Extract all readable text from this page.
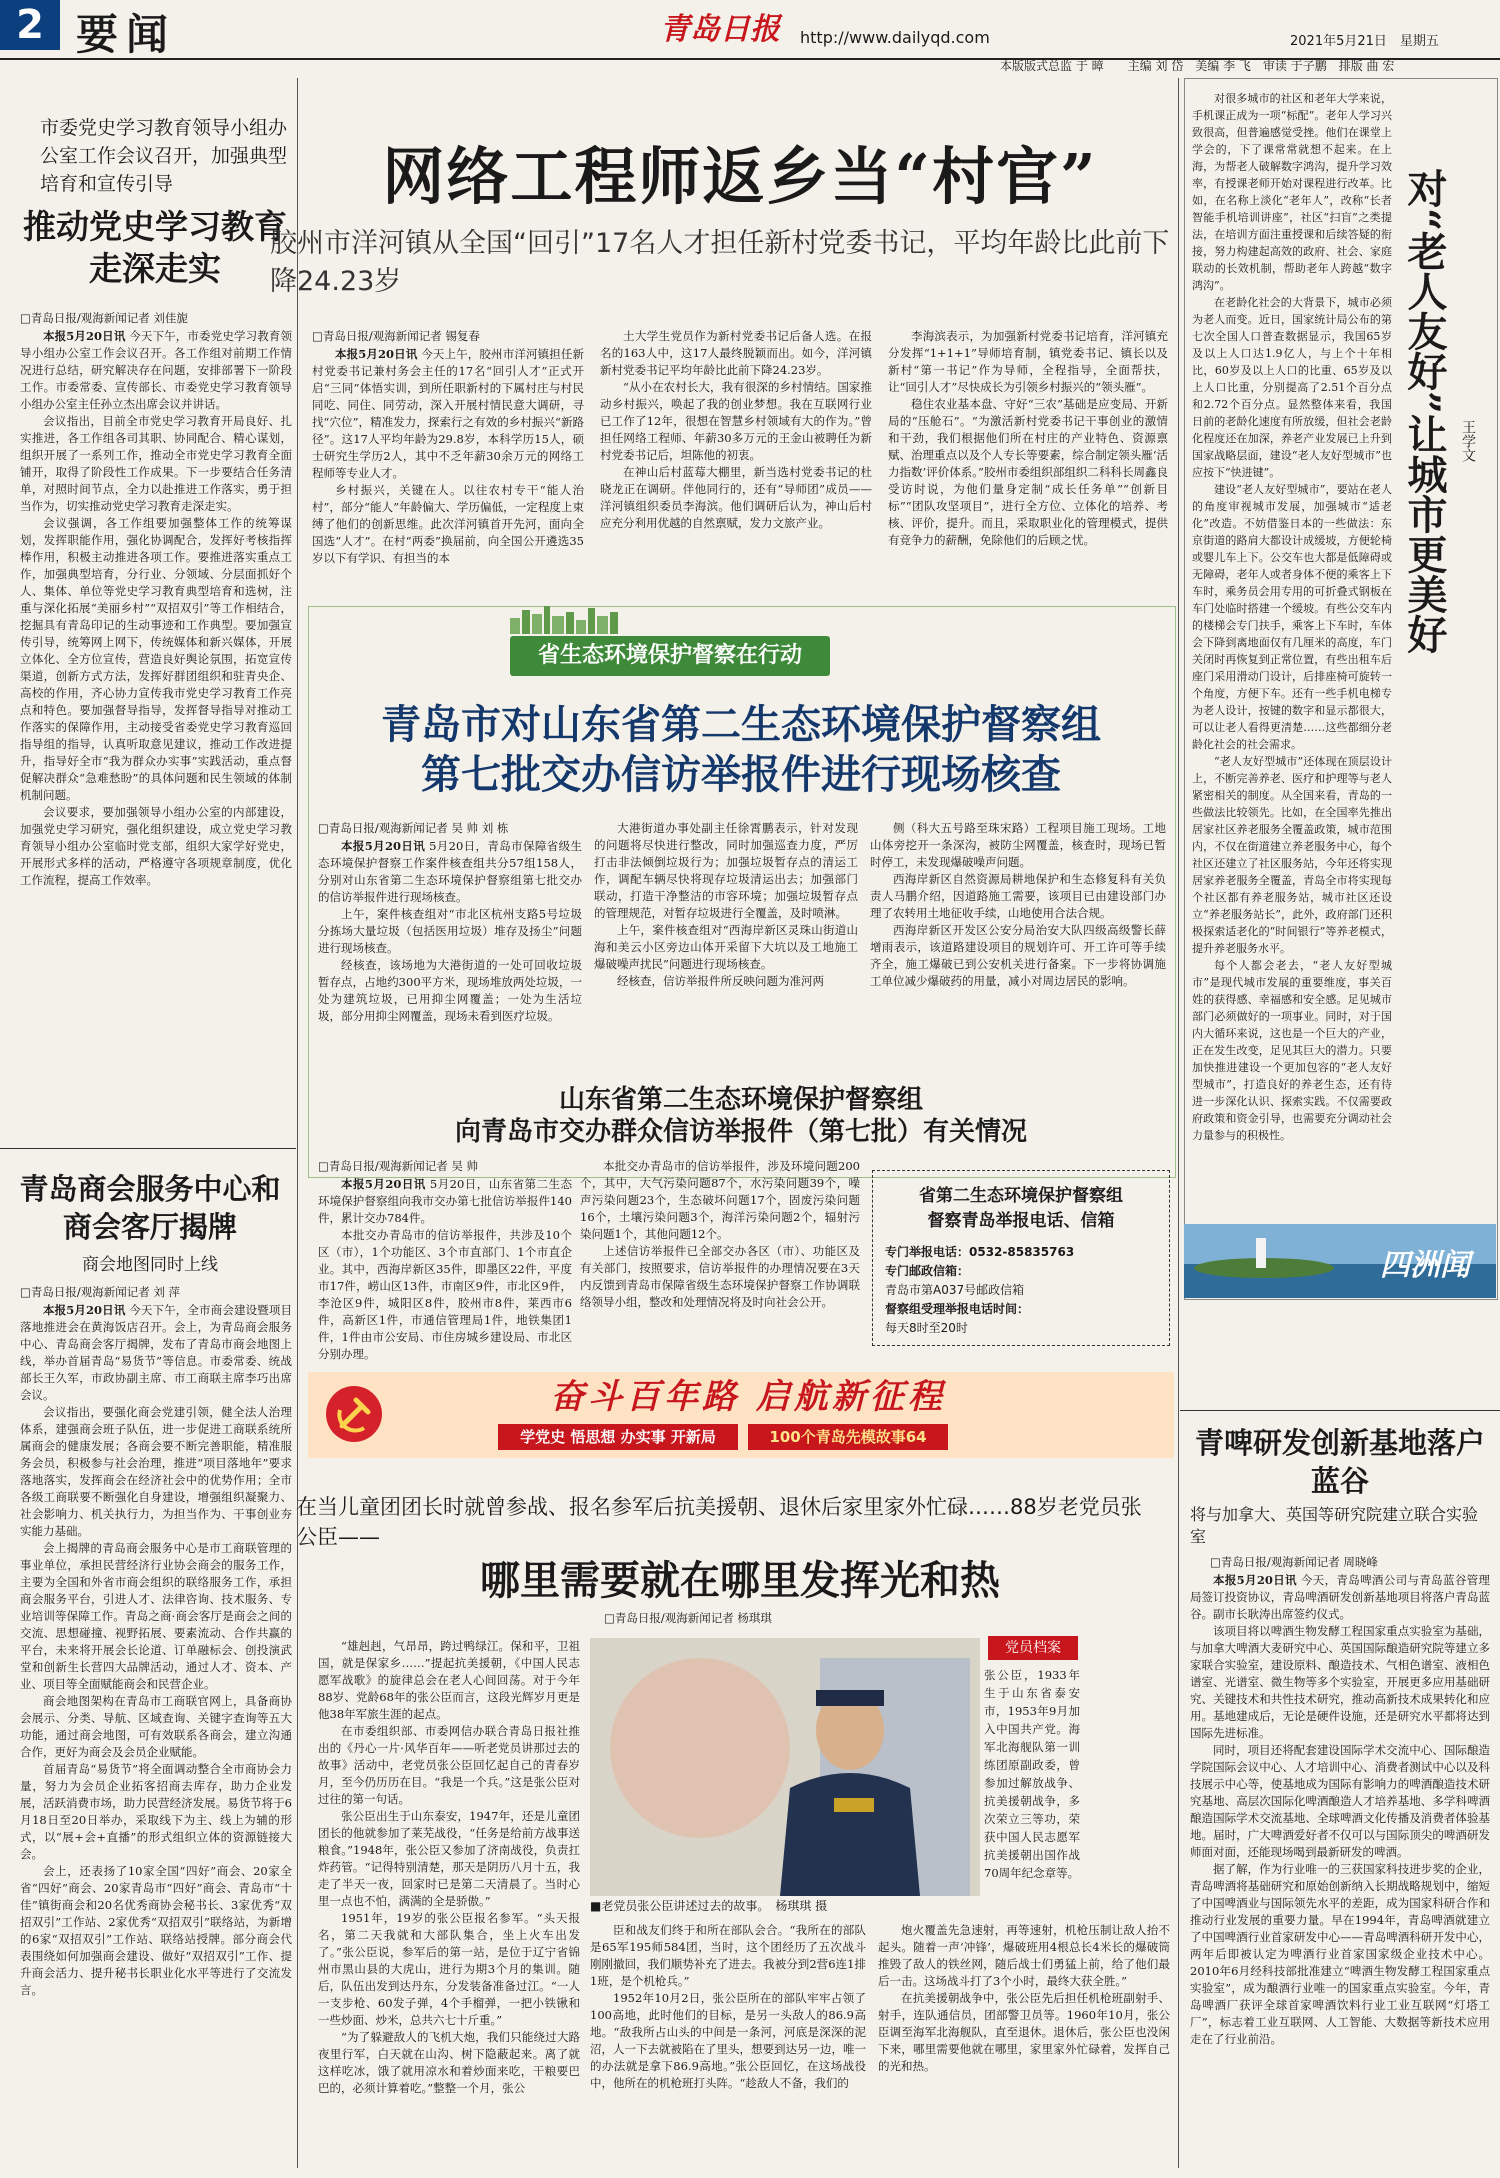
2 要闻	青岛日报 http://www.dailyqd.com	2021年5月21日　星期五
本版版式总监 于 暲　　主编 刘 岱　美编 李 飞　审读 于子鹏　排版 曲 宏
市委党史学习教育领导小组办公室工作会议召开，加强典型培育和宣传引导
推动党史学习教育走深走实
□青岛日报/观海新闻记者 刘佳旎

本报5月20日讯 今天下午，市委党史学习教育领导小组办公室工作会议召开。各工作组对前期工作情况进行总结，研究解决存在问题，安排部署下一阶段工作。市委常委、宣传部长、市委党史学习教育领导小组办公室主任孙立杰出席会议并讲话。

会议指出，目前全市党史学习教育开局良好、扎实推进，各工作组各司其职、协同配合、精心谋划，组织开展了一系列工作，推动全市党史学习教育全面铺开，取得了阶段性工作成果。下一步要结合任务清单，对照时间节点，全力以赴推进工作落实，勇于担当作为，切实推动党史学习教育走深走实。

会议强调，各工作组要加强整体工作的统筹谋划，发挥职能作用，强化协调配合，发挥好考核指挥棒作用，积极主动推进各项工作。要推进落实重点工作，加强典型培育，分行业、分领域、分层面抓好个人、集体、单位等党史学习教育典型培育和选树，注重与深化拓展“美丽乡村”“双招双引”等工作相结合，挖掘具有青岛印记的生动事迹和工作典型。要加强宣传引导，统筹网上网下，传统媒体和新兴媒体，开展立体化、全方位宣传，营造良好舆论氛围，拓宽宣传渠道，创新方式方法，发挥好群团组织和驻青央企、高校的作用，齐心协力宣传我市党史学习教育工作亮点和特色。要加强督导指导，发挥督导指导对推动工作落实的保障作用，主动接受省委党史学习教育巡回指导组的指导，认真听取意见建议，推动工作改进提升，指导好全市“我为群众办实事”实践活动，重点督促解决群众“急难愁盼”的具体问题和民生领域的体制机制问题。

会议要求，要加强领导小组办公室的内部建设，加强党史学习研究，强化组织建设，成立党史学习教育领导小组办公室临时党支部，组织大家学好党史，开展形式多样的活动，严格遵守各项规章制度，优化工作流程，提高工作效率。

青岛商会服务中心和商会客厅揭牌
商会地图同时上线
□青岛日报/观海新闻记者 刘 萍

本报5月20日讯 今天下午，全市商会建设暨项目落地推进会在黄海饭店召开。会上，为青岛商会服务中心、青岛商会客厅揭牌，发布了青岛市商会地图上线，举办首届青岛“易货节”等信息。市委常委、统战部长王久军，市政协副主席、市工商联主席李巧出席会议。

会议指出，要强化商会党建引领，健全法人治理体系，建强商会班子队伍，进一步促进工商联系统所属商会的健康发展；各商会要不断完善职能，精准服务会员，积极参与社会治理，推进“项目落地年”要求落地落实，发挥商会在经济社会中的优势作用；全市各级工商联要不断强化自身建设，增强组织凝聚力、社会影响力、机关执行力，为担当作为、干事创业夯实能力基础。

会上揭牌的青岛商会服务中心是市工商联管理的事业单位，承担民营经济行业协会商会的服务工作，主要为全国和外省市商会组织的联络服务工作，承担商会服务平台，引进人才、法律咨询、技术服务、专业培训等保障工作。青岛之商·商会客厅是商会之间的交流、思想碰撞、视野拓展、要素流动、合作共赢的平台，未来将开展会长论道、订单融标会、创投演武堂和创新生长营四大品牌活动，通过人才、资本、产业、项目等全面赋能商会和民营企业。

商会地图架构在青岛市工商联官网上，具备商协会展示、分类、导航、区域查询、关键字查询等五大功能，通过商会地图，可有效联系各商会，建立沟通合作，更好为商会及会员企业赋能。

首届青岛“易货节”将全面调动整合全市商协会力量，努力为会员企业拓客招商去库存，助力企业发展，活跃消费市场，助力民营经济发展。易货节将于6月18日至20日举办，采取线下为主、线上为辅的形式，以“展+会+直播”的形式组织立体的资源链接大会。

会上，还表扬了10家全国“四好”商会、20家全省“四好”商会、20家青岛市“四好”商会、青岛市“十佳”镇街商会和20名优秀商协会秘书长、3家优秀“双招双引”工作站、2家优秀“双招双引”联络站，为新增的6家“双招双引”工作站、联络站授牌。部分商会代表围绕如何加强商会建设、做好“双招双引”工作、提升商会活力、提升秘书长职业化水平等进行了交流发言。

网络工程师返乡当“村官”
胶州市洋河镇从全国“回引”17名人才担任新村党委书记，平均年龄比此前下降24.23岁
□青岛日报/观海新闻记者 锡复春

本报5月20日讯 今天上午，胶州市洋河镇担任新村党委书记兼村务会主任的17名“回引人才”正式开启“三同”体悟实训，到所任职新村的下属村庄与村民同吃、同住、同劳动，深入开展村情民意大调研，寻找“穴位”，精准发力，探索行之有效的乡村振兴“新路径”。这17人平均年龄为29.8岁，本科学历15人，硕士研究生学历2人，其中不乏年薪30余万元的网络工程师等专业人才。

乡村振兴，关键在人。以往农村专干“能人治村”，部分“能人”年龄偏大、学历偏低，一定程度上束缚了他们的创新思维。此次洋河镇首开先河，面向全国选“人才”。在村“两委”换届前，向全国公开遴选35岁以下有学识、有担当的本

土大学生党员作为新村党委书记后备人选。在报名的163人中，这17人最终脱颖而出。如今，洋河镇新村党委书记平均年龄比此前下降24.23岁。

“从小在农村长大，我有很深的乡村情结。国家推动乡村振兴，唤起了我的创业梦想。我在互联网行业已工作了12年，很想在智慧乡村领域有大的作为。”曾担任网络工程师、年薪30多万元的王金山被聘任为新村党委书记后，坦陈他的初衷。

在神山后村蓝莓大棚里，新当选村党委书记的杜晓龙正在调研。伴他同行的，还有“导师团”成员——洋河镇组织委员李海滨。他们调研后认为，神山后村应充分利用优越的自然禀赋，发力文旅产业。

李海滨表示，为加强新村党委书记培育，洋河镇充分发挥“1+1+1”导师培育制，镇党委书记、镇长以及新村“第一书记”作为导师，全程指导，全面帮扶，让“回引人才”尽快成长为引领乡村振兴的“领头雁”。

稳住农业基本盘、守好“三农”基础是应变局、开新局的“压舱石”。“为激活新村党委书记干事创业的激情和干劲，我们根据他们所在村庄的产业特色、资源禀赋、治理重点以及个人专长等要素，综合制定领头雁‘活力指数’评价体系。”胶州市委组织部组织二科科长周鑫良受访时说，为他们量身定制“成长任务单”“创新目标”“团队攻坚项目”，进行全方位、立体化的培养、考核、评价，提升。而且，采取职业化的管理模式，提供有竞争力的薪酬，免除他们的后顾之忧。

省生态环境保护督察在行动
青岛市对山东省第二生态环境保护督察组
第七批交办信访举报件进行现场核查
□青岛日报/观海新闻记者 吴 帅 刘 栋

本报5月20日讯 5月20日，青岛市保障省级生态环境保护督察工作案件核查组共分57组158人，分别对山东省第二生态环境保护督察组第七批交办的信访举报件进行现场核查。

上午，案件核查组对“市北区杭州支路5号垃圾分拣场大量垃圾（包括医用垃圾）堆存及扬尘”问题进行现场核查。

经核查，该场地为大港街道的一处可回收垃圾暂存点，占地约300平方米，现场堆放两处垃圾，一处为建筑垃圾，已用抑尘网覆盖；一处为生活垃圾，部分用抑尘网覆盖，现场未看到医疗垃圾。

大港街道办事处副主任徐霄鹏表示，针对发现的问题将尽快进行整改，同时加强巡查力度，严厉打击非法倾倒垃圾行为；加强垃圾暂存点的清运工作，调配车辆尽快将现存垃圾清运出去；加强部门联动，打造干净整洁的市容环境；加强垃圾暂存点的管理规范，对暂存垃圾进行全覆盖，及时喷淋。

上午，案件核查组对“西海岸新区灵珠山街道山海和美云小区旁边山体开采留下大坑以及工地施工爆破噪声扰民”问题进行现场核查。

经核查，信访举报件所反映问题为准河两

侧（科大五号路至珠宋路）工程项目施工现场。工地山体旁挖开一条深沟，被防尘网覆盖，核查时，现场已暂时停工，未发现爆破噪声问题。

西海岸新区自然资源局耕地保护和生态修复科有关负责人马鹏介绍，因道路施工需要，该项目已由建设部门办理了农转用土地征收手续，山地使用合法合规。

西海岸新区开发区公安分局治安大队四级高级警长薛增雨表示，该道路建设项目的规划许可、开工许可等手续齐全，施工爆破已到公安机关进行备案。下一步将协调施工单位减少爆破药的用量，减小对周边居民的影响。

山东省第二生态环境保护督察组
向青岛市交办群众信访举报件（第七批）有关情况
□青岛日报/观海新闻记者 吴 帅

本报5月20日讯 5月20日，山东省第二生态环境保护督察组向我市交办第七批信访举报件140件，累计交办784件。

本批交办青岛市的信访举报件，共涉及10个区（市），1个功能区、3个市直部门、1个市直企业。其中，西海岸新区35件，即墨区22件，平度市17件，崂山区13件，市南区9件，市北区9件，李沧区9件，城阳区8件，胶州市8件，莱西市6件，高新区1件，市通信管理局1件，地铁集团1件，1件由市公安局、市住房城乡建设局、市北区分别办理。

本批交办青岛市的信访举报件，涉及环境问题200个，其中，大气污染问题87个，水污染问题39个，噪声污染问题23个，生态破坏问题17个，固废污染问题16个，土壤污染问题3个，海洋污染问题2个，辐射污染问题1个，其他问题12个。

上述信访举报件已全部交办各区（市）、功能区及有关部门，按照要求，信访举报件的办理情况要在3天内反馈到青岛市保障省级生态环境保护督察工作协调联络领导小组，整改和处理情况将及时向社会公开。

省第二生态环境保护督察组
督察青岛举报电话、信箱
专门举报电话：0532-85835763
专门邮政信箱：
青岛市第A037号邮政信箱
督察组受理举报电话时间：
每天8时至20时
奋斗百年路 启航新征程
学党史 悟思想 办实事 开新局	100个青岛先模故事64
在当儿童团团长时就曾参战、报名参军后抗美援朝、退休后家里家外忙碌……88岁老党员张公臣——
哪里需要就在哪里发挥光和热
□青岛日报/观海新闻记者 杨琪琪

“雄赳赳，气昂昂，跨过鸭绿江。保和平，卫祖国，就是保家乡……”提起抗美援朝，《中国人民志愿军战歌》的旋律总会在老人心间回荡。对于今年88岁、党龄68年的张公臣而言，这段光辉岁月更是他38年军旅生涯的起点。

在市委组织部、市委网信办联合青岛日报社推出的《丹心一片·风华百年——听老党员讲那过去的故事》活动中，老党员张公臣回忆起自己的青春岁月，至今仍历历在目。“我是一个兵。”这是张公臣对过往的第一句话。

张公臣出生于山东泰安，1947年，还是儿童团团长的他就参加了莱芜战役，“任务是给前方战事送粮食。”1948年，张公臣又参加了济南战役，负责扛炸药管。“记得特别清楚，那天是阴历八月十五，我走了半天一夜，回家时已是第二天清晨了。当时心里一点也不怕，满满的全是骄傲。”

1951年，19岁的张公臣报名参军。“头天报名，第二天我就和大部队集合，坐上火车出发了。”张公臣说，参军后的第一站，是位于辽宁省锦州市黑山县的大虎山，进行为期3个月的集训。随后，队伍出发到达丹东，分发装备准备过江。“一人一支步枪、60发子弹，4个手榴弹，一把小铁锹和一些炒面、炒米，总共六七十斤重。”

“为了躲避敌人的飞机大炮，我们只能绕过大路夜里行军，白天就在山沟、树下隐蔽起来。离了就这样吃冰，饿了就用凉水和着炒面来吃，干粮要巴巴的，必须计算着吃。”整整一个月，张公

■老党员张公臣讲述过去的故事。　杨琪琪 摄
党员档案
张公臣，1933年生于山东省泰安市，1953年9月加入中国共产党。海军北海舰队第一训练团原副政委，曾参加过解放战争、抗美援朝战争，多次荣立三等功，荣获中国人民志愿军抗美援朝出国作战70周年纪念章等。

臣和战友们终于和所在部队会合。“我所在的部队是65军195师584团，当时，这个团经历了五次战斗刚刚撤回，我们顺势补充了进去。我被分到2营6连1排1班，是个机枪兵。”

1952年10月2日，张公臣所在的部队牢牢占领了100高地，此时他们的目标，是另一头敌人的86.9高地。“敌我所占山头的中间是一条河，河底是深深的泥沼，人一下去就被陷在了里头，想要到达另一边，唯一的办法就是拿下86.9高地。”张公臣回忆，在这场战役中，他所在的机枪班打头阵。“趁敌人不备，我们的

炮火覆盖先急速射，再等速射，机枪压制让敌人抬不起头。随着一声‘冲锋’，爆破班用4根总长4米长的爆破筒推毁了敌人的铁丝网，随后战士们勇猛上前，给了他们最后一击。这场战斗打了3个小时，最终大获全胜。”

在抗美援朝战争中，张公臣先后担任机枪班副射手、射手，连队通信员，团部警卫员等。1960年10月，张公臣调至海军北海舰队，直至退休。退休后，张公臣也没闲下来，哪里需要他就在哪里，家里家外忙碌着，发挥自己的光和热。

对很多城市的社区和老年大学来说，手机课正成为一项“标配”。老年人学习兴致很高，但普遍感觉受挫。他们在课堂上学会的，下了课常常就想不起来。在上海，为帮老人破解数字鸿沟，提升学习效率，有授课老师开始对课程进行改革。比如，在名称上淡化“老年人”，改称“长者智能手机培训讲座”，社区“扫盲”之类提法，在培训方面注重授课和后续答疑的衔接，努力构建起高效的政府、社会、家庭联动的长效机制，帮助老年人跨越“数字鸿沟”。

在老龄化社会的大背景下，城市必须为老人而变。近日，国家统计局公布的第七次全国人口普查数据显示，我国65岁及以上人口达1.9亿人，与上个十年相比，60岁及以上人口的比重、65岁及以上人口比重，分别提高了2.51个百分点和2.72个百分点。显然整体来看，我国日前的老龄化速度有所放缓，但社会老龄化程度还在加深，养老产业发展已上升到国家战略层面，建设“老人友好型城市”也应按下“快进键”。

建设“老人友好型城市”，要站在老人的角度审视城市发展，加强城市“适老化”改造。不妨借鉴日本的一些做法：东京街道的路肩大都设计成缓坡，方便轮椅或婴儿车上下。公交车也大都是低障碍或无障碍，老年人或者身体不便的乘客上下车时，乘务员会用专用的可折叠式钢板在车门处临时搭建一个缓坡。有些公交车内的楼梯会专门扶手，乘客上下车时，车体会下降到离地面仅有几厘米的高度，车门关闭时再恢复到正常位置，有些出租车后座门采用滑动门设计，后排座椅可旋转一个角度，方便下车。还有一些手机电梯专为老人设计，按键的数字和显示都很大，可以让老人看得更清楚……这些都细分老龄化社会的社会需求。

“老人友好型城市”还体现在顶层设计上，不断完善养老、医疗和护理等与老人紧密相关的制度。从全国来看，青岛的一些做法比较领先。比如，在全国率先推出居家社区养老服务全覆盖政策，城市范围内，不仅在街道建立养老服务中心，每个社区还建立了社区服务站，今年还将实现居家养老服务全覆盖，青岛全市将实现每个社区都有养老服务站，城市社区还设立“养老服务站长”，此外，政府部门还积极探索适老化的“时间银行”等养老模式，提升养老服务水平。

每个人都会老去，“老人友好型城市”是现代城市发展的重要维度，事关百姓的获得感、幸福感和安全感。足见城市部门必须做好的一项事业。同时，对于国内大循环来说，这也是一个巨大的产业，正在发生改变，足见其巨大的潜力。只要加快推进建设一个更加包容的“老人友好型城市”，打造良好的养老生态，还有待进一步深化认识、探索实践。不仅需要政府政策和资金引导，也需要充分调动社会力量参与的积极性。

对“老人友好”让城市更美好 王学文
四洲闻
青啤研发创新基地落户蓝谷
将与加拿大、英国等研究院建立联合实验室
□青岛日报/观海新闻记者 周晓峰

本报5月20日讯 今天，青岛啤酒公司与青岛蓝谷管理局签订投资协议，青岛啤酒研发创新基地项目将落户青岛蓝谷。副市长耿涛出席签约仪式。

该项目将以啤酒生物发酵工程国家重点实验室为基础，与加拿大啤酒大麦研究中心、英国国际酿造研究院等建立多家联合实验室，建设原料、酿造技术、气相色谱室、液相色谱室、光谱室、微生物等多个实验室，开展更多应用基础研究、关键技术和共性技术研究，推动高新技术成果转化和应用。基地建成后，无论是硬件设施，还是研究水平都将达到国际先进标准。

同时，项目还将配套建设国际学术交流中心、国际酿造学院国际会议中心、人才培训中心、消费者测试中心以及科技展示中心等，使基地成为国际有影响力的啤酒酿造技术研究基地、高层次国际化啤酒酿造人才培养基地、多学科啤酒酿造国际学术交流基地、全球啤酒文化传播及消费者体验基地。届时，广大啤酒爱好者不仅可以与国际顶尖的啤酒研发师面对面，还能现场喝到最新研发的啤酒。

据了解，作为行业唯一的三获国家科技进步奖的企业，青岛啤酒将基础研究和原始创新纳入长期战略规划中，缩短了中国啤酒业与国际领先水平的差距，成为国家科研合作和推动行业发展的重要力量。早在1994年，青岛啤酒就建立了中国啤酒行业首家研发中心——青岛啤酒科研开发中心，两年后即被认定为啤酒行业首家国家级企业技术中心。2010年6月经科技部批准建立“啤酒生物发酵工程国家重点实验室”，成为酿酒行业唯一的国家重点实验室。今年，青岛啤酒厂获评全球首家啤酒饮料行业工业互联网“灯塔工厂”，标志着工业互联网、人工智能、大数据等新技术应用走在了行业前沿。
